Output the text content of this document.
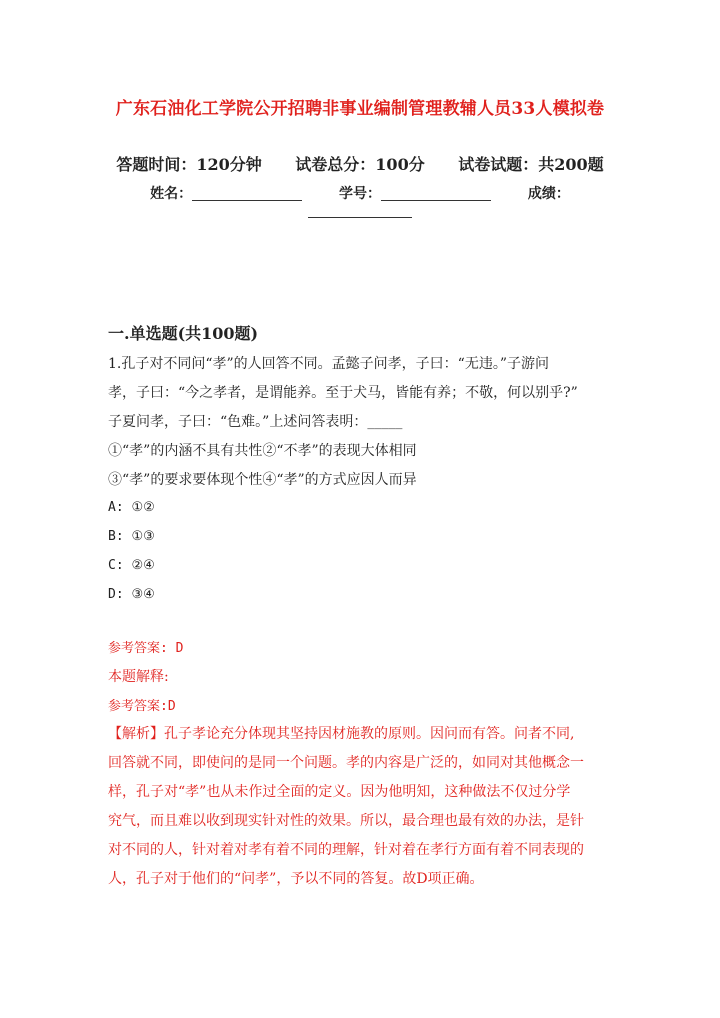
广东石油化工学院公开招聘非事业编制管理教辅人员33人模拟卷
答题时间：120分钟 试卷总分：100分 试卷试题：共200题
姓名：	学号：	成绩：
一.单选题(共100题)
1.孔子对不同问“孝”的人回答不同。孟懿子问孝，子曰：“无违。”子游问
孝，子曰：“今之孝者，是谓能养。至于犬马，皆能有养；不敬，何以别乎?”
子夏问孝，子曰：“色难。”上述问答表明：_____
①“孝”的内涵不具有共性②“不孝”的表现大体相同
③“孝”的要求要体现个性④“孝”的方式应因人而异
A: ①②
B: ①③
C: ②④
D: ③④
参考答案: D
本题解释:
参考答案:D
【解析】孔子孝论充分体现其坚持因材施教的原则。因问而有答。问者不同,
回答就不同，即使问的是同一个问题。孝的内容是广泛的，如同对其他概念一
样，孔子对“孝”也从未作过全面的定义。因为他明知，这种做法不仅过分学
究气，而且难以收到现实针对性的效果。所以，最合理也最有效的办法，是针
对不同的人，针对着对孝有着不同的理解，针对着在孝行方面有着不同表现的
人，孔子对于他们的“问孝”，予以不同的答复。故D项正确。
